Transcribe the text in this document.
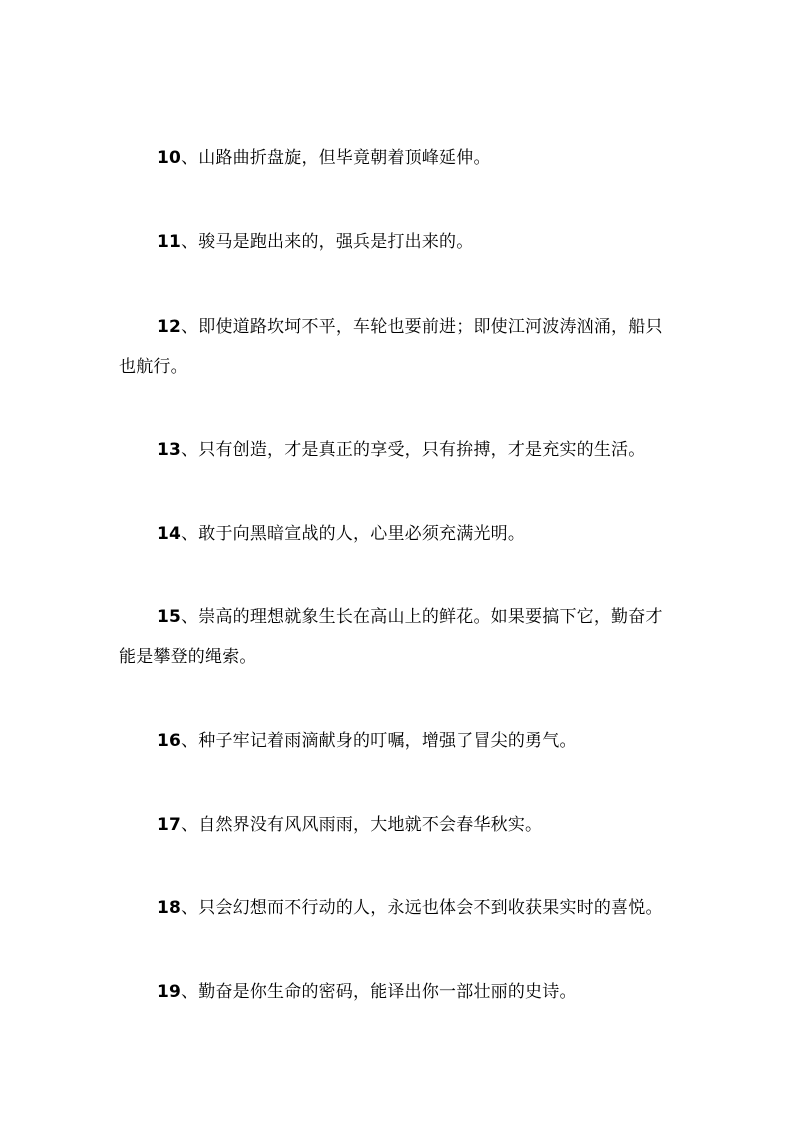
10、山路曲折盘旋，但毕竟朝着顶峰延伸。

11、骏马是跑出来的，强兵是打出来的。

12、即使道路坎坷不平，车轮也要前进；即使江河波涛汹涌，船只也航行。

13、只有创造，才是真正的享受，只有拚搏，才是充实的生活。

14、敢于向黑暗宣战的人，心里必须充满光明。

15、崇高的理想就象生长在高山上的鲜花。如果要搞下它，勤奋才能是攀登的绳索。

16、种子牢记着雨滴献身的叮嘱，增强了冒尖的勇气。

17、自然界没有风风雨雨，大地就不会春华秋实。

18、只会幻想而不行动的人，永远也体会不到收获果实时的喜悦。

19、勤奋是你生命的密码，能译出你一部壮丽的史诗。
